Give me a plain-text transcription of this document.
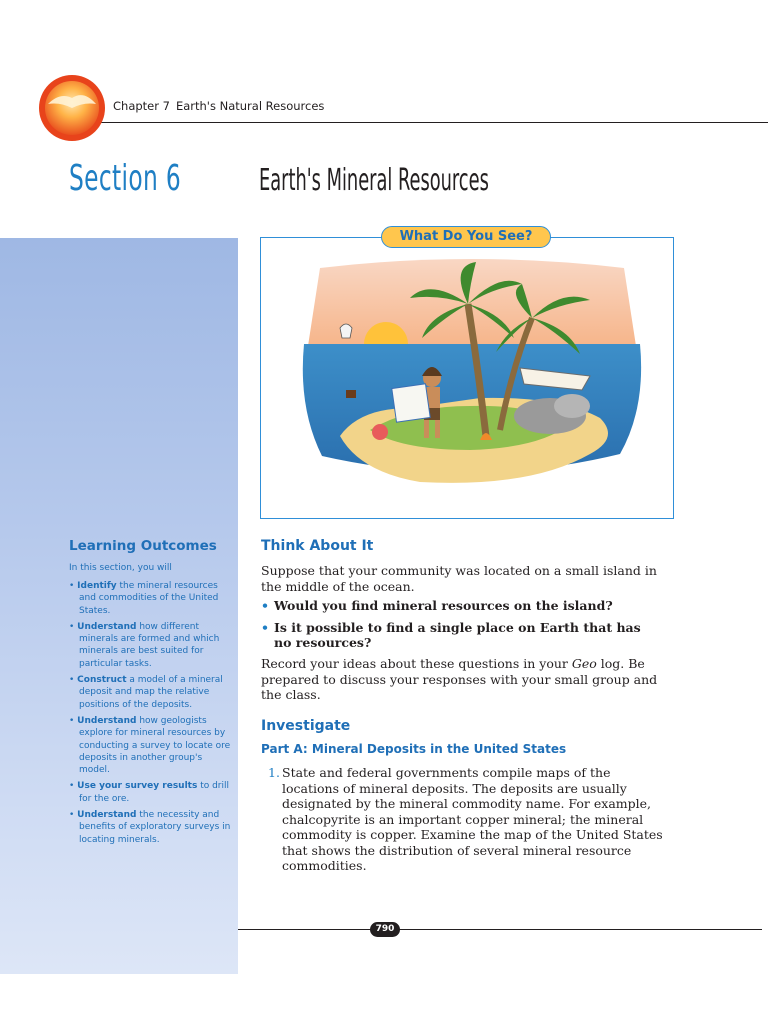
Chapter 7 Earth's Natural Resources
Section 6	Earth's Mineral Resources
Learning Outcomes
In this section, you will
• Identify the mineral resources and commodities of the United States.
• Understand how different minerals are formed and which minerals are best suited for particular tasks.
• Construct a model of a mineral deposit and map the relative positions of the deposits.
• Understand how geologists explore for mineral resources by conducting a survey to locate ore deposits in another group's model.
• Use your survey results to drill for the ore.
• Understand the necessity and benefits of exploratory surveys in locating minerals.
What Do You See?
Think About It
Suppose that your community was located on a small island in the middle of the ocean.
• Would you find mineral resources on the island?
• Is it possible to find a single place on Earth that has no resources?
Record your ideas about these questions in your Geo log. Be prepared to discuss your responses with your small group and the class.
Investigate
Part A: Mineral Deposits in the United States
1. State and federal governments compile maps of the locations of mineral deposits. The deposits are usually designated by the mineral commodity name. For example, chalcopyrite is an important copper mineral; the mineral commodity is copper. Examine the map of the United States that shows the distribution of several mineral resource commodities.
790
